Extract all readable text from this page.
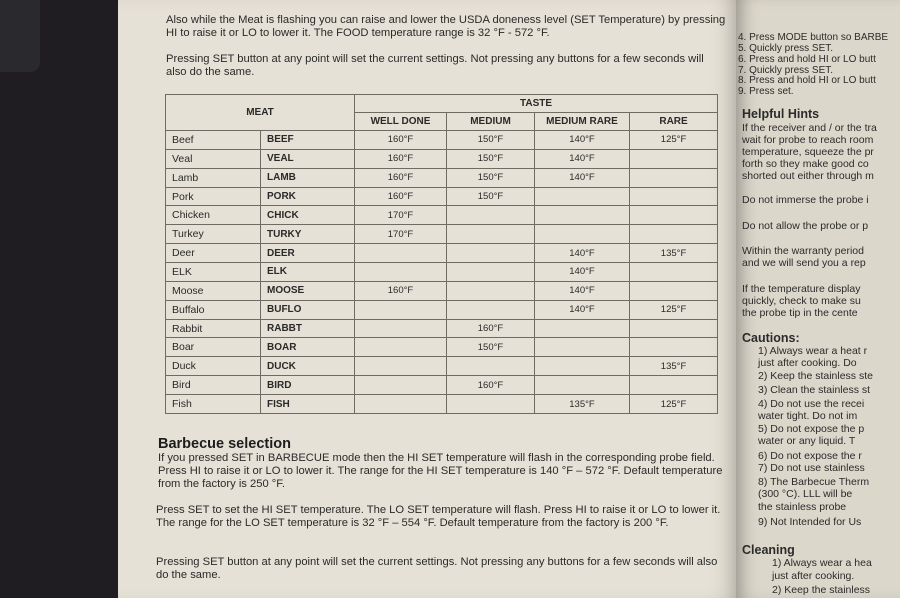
Also while the Meat is flashing you can raise and lower the USDA doneness level (SET Temperature) by pressing HI to raise it or LO to lower it. The FOOD temperature range is 32 °F - 572 °F.

Pressing SET button at any point will set the current settings. Not pressing any buttons for a few seconds will also do the same.

MEAT		TASTE			
		WELL DONE	MEDIUM	MEDIUM RARE	RARE
Beef	BEEF	160°F	150°F	140°F	125°F
Veal	VEAL	160°F	150°F	140°F	
Lamb	LAMB	160°F	150°F	140°F	
Pork	PORK	160°F	150°F		
Chicken	CHICK	170°F			
Turkey	TURKY	170°F			
Deer	DEER			140°F	135°F
ELK	ELK			140°F	
Moose	MOOSE	160°F		140°F	
Buffalo	BUFLO			140°F	125°F
Rabbit	RABBT		160°F		
Boar	BOAR		150°F		
Duck	DUCK				135°F
Bird	BIRD		160°F		
Fish	FISH			135°F	125°F
Barbecue selection

If you pressed SET in BARBECUE mode then the HI SET temperature will flash in the corresponding probe field. Press HI to raise it or LO to lower it. The range for the HI SET temperature is 140 °F – 572 °F. Default temperature from the factory is 250 °F.

Press SET to set the HI SET temperature. The LO SET temperature will flash. Press HI to raise it or LO to lower it. The range for the LO SET temperature is 32 °F – 554 °F. Default temperature from the factory is 200 °F.

Pressing SET button at any point will set the current settings. Not pressing any buttons for a few seconds will also do the same.

4. Press MODE button so BARBE
5. Quickly press SET.
6. Press and hold HI or LO butt
7. Quickly press SET.
8. Press and hold HI or LO butt
9. Press set.
Helpful Hints
If the receiver and / or the tra
wait for probe to reach room
temperature, squeeze the pr
forth so they make good co
shorted out either through m
Do not immerse the probe i
Do not allow the probe or p
Within the warranty period
and we will send you a rep
If the temperature display
quickly, check to make su
the probe tip in the cente
Cautions:
1) Always wear a heat r
just after cooking. Do
2) Keep the stainless ste
3) Clean the stainless st
4) Do not use the recei
water tight. Do not im
5) Do not expose the p
water or any liquid. T
6) Do not expose the r
7) Do not use stainless
8) The Barbecue Therm
(300 °C). LLL will be
the stainless probe
9) Not Intended for Us
Cleaning
1) Always wear a hea
just after cooking.
2) Keep the stainless
